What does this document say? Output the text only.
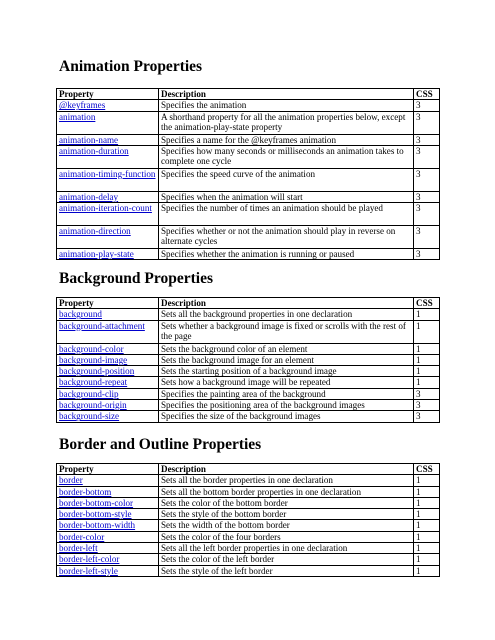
Animation Properties
Property	Description	CSS
@keyframes	Specifies the animation	3
animation	A shorthand property for all the animation properties below, except the animation-play-state property	3
animation-name	Specifies a name for the @keyframes animation	3
animation-duration	Specifies how many seconds or milliseconds an animation takes to complete one cycle	3
animation-timing-function	Specifies the speed curve of the animation	3
animation-delay	Specifies when the animation will start	3
animation-iteration-count	Specifies the number of times an animation should be played	3
animation-direction	Specifies whether or not the animation should play in reverse on alternate cycles	3
animation-play-state	Specifies whether the animation is running or paused	3
Background Properties
Property	Description	CSS
background	Sets all the background properties in one declaration	1
background-attachment	Sets whether a background image is fixed or scrolls with the rest of the page	1
background-color	Sets the background color of an element	1
background-image	Sets the background image for an element	1
background-position	Sets the starting position of a background image	1
background-repeat	Sets how a background image will be repeated	1
background-clip	Specifies the painting area of the background	3
background-origin	Specifies the positioning area of the background images	3
background-size	Specifies the size of the background images	3
Border and Outline Properties
Property	Description	CSS
border	Sets all the border properties in one declaration	1
border-bottom	Sets all the bottom border properties in one declaration	1
border-bottom-color	Sets the color of the bottom border	1
border-bottom-style	Sets the style of the bottom border	1
border-bottom-width	Sets the width of the bottom border	1
border-color	Sets the color of the four borders	1
border-left	Sets all the left border properties in one declaration	1
border-left-color	Sets the color of the left border	1
border-left-style	Sets the style of the left border	1
